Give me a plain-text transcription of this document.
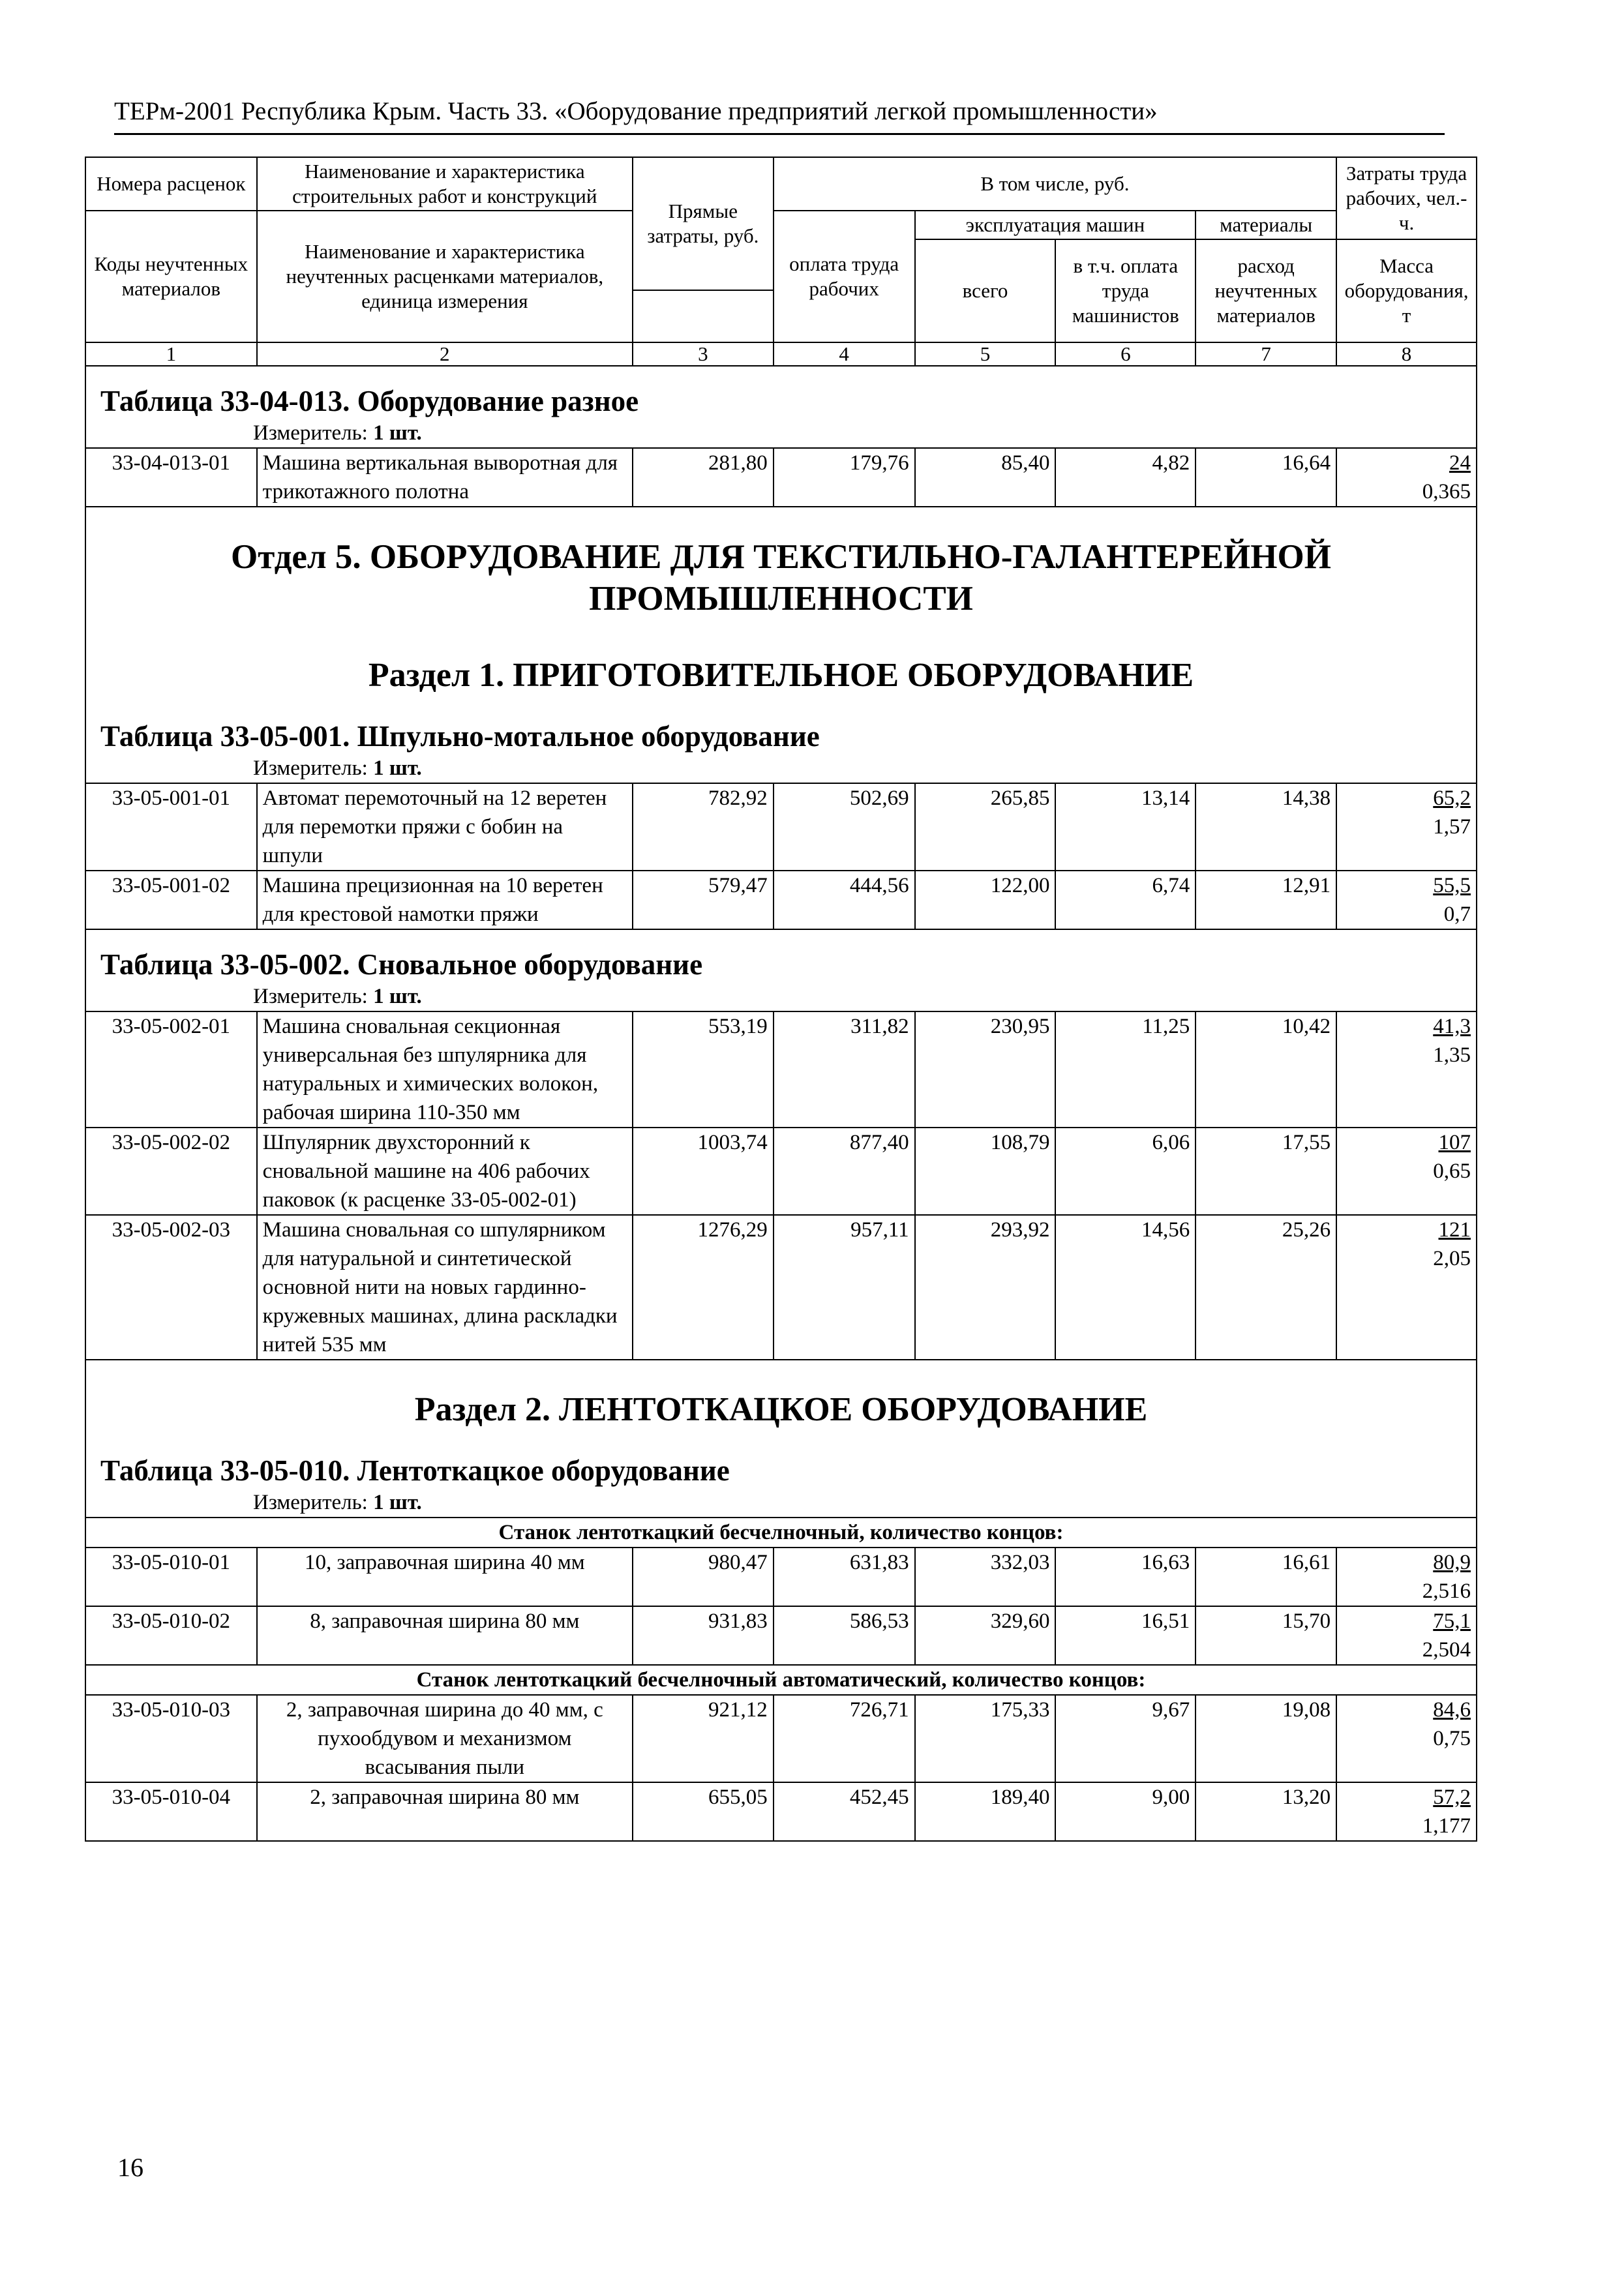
ТЕРм-2001 Республика Крым. Часть 33. «Оборудование предприятий легкой промышленности»
Номера расценок	Наименование и характеристика строительных работ и конструкций	Прямые затраты, руб.	В том числе, руб.				Затраты труда рабочих, чел.-ч.
Коды неучтенных материалов	Наименование и характеристика неучтенных расценками материалов, единица измерения		оплата труда рабочих	эксплуатация машин		материалы	
				всего	в т.ч. оплата труда машинистов	расход неучтенных материалов	Масса оборудования, т

1	2	3	4	5	6	7	8

Таблица 33-04-013. Оборудование разное							

Измеритель: 1 шт.							

33-04-013-01	Машина вертикальная выворотная для трикотажного полотна	281,80	179,76	85,40	4,82	16,64	24
0,365

Отдел 5. ОБОРУДОВАНИЕ ДЛЯ ТЕКСТИЛЬНО-ГАЛАНТЕРЕЙНОЙ ПРОМЫШЛЕННОСТИ
Раздел 1. ПРИГОТОВИТЕЛЬНОЕ ОБОРУДОВАНИЕ
Таблица 33-05-001. Шпульно-мотальное оборудование							

Измеритель: 1 шт.							

33-05-001-01	Автомат перемоточный на 12 веретен для перемотки пряжи с бобин на шпули	782,92	502,69	265,85	13,14	14,38	65,2
1,57

33-05-001-02	Машина прецизионная на 10 веретен для крестовой намотки пряжи	579,47	444,56	122,00	6,74	12,91	55,5
0,7

Таблица 33-05-002. Сновальное оборудование							

Измеритель: 1 шт.							

33-05-002-01	Машина сновальная секционная универсальная без шпулярника для натуральных и химических волокон, рабочая ширина 110-350 мм	553,19	311,82	230,95	11,25	10,42	41,3
1,35

33-05-002-02	Шпулярник двухсторонний к сновальной машине на 406 рабочих паковок (к расценке 33-05-002-01)	1003,74	877,40	108,79	6,06	17,55	107
0,65

33-05-002-03	Машина сновальная со шпулярником для натуральной и синтетической основной нити на новых гардинно-кружевных машинах, длина раскладки нитей 535 мм	1276,29	957,11	293,92	14,56	25,26	121
2,05

Раздел 2. ЛЕНТОТКАЦКОЕ ОБОРУДОВАНИЕ
Таблица 33-05-010. Лентоткацкое оборудование							

Измеритель: 1 шт.							

Станок лентоткацкий бесчелночный, количество концов:							
33-05-010-01	10, заправочная ширина 40 мм	980,47	631,83	332,03	16,63	16,61	80,9
2,516

33-05-010-02	8, заправочная ширина 80 мм	931,83	586,53	329,60	16,51	15,70	75,1
2,504

Станок лентоткацкий бесчелночный автоматический, количество концов:							
33-05-010-03	2, заправочная ширина до 40 мм, с пухообдувом и механизмом всасывания пыли	921,12	726,71	175,33	9,67	19,08	84,6
0,75

33-05-010-04	2, заправочная ширина 80 мм	655,05	452,45	189,40	9,00	13,20	57,2
1,177
16
